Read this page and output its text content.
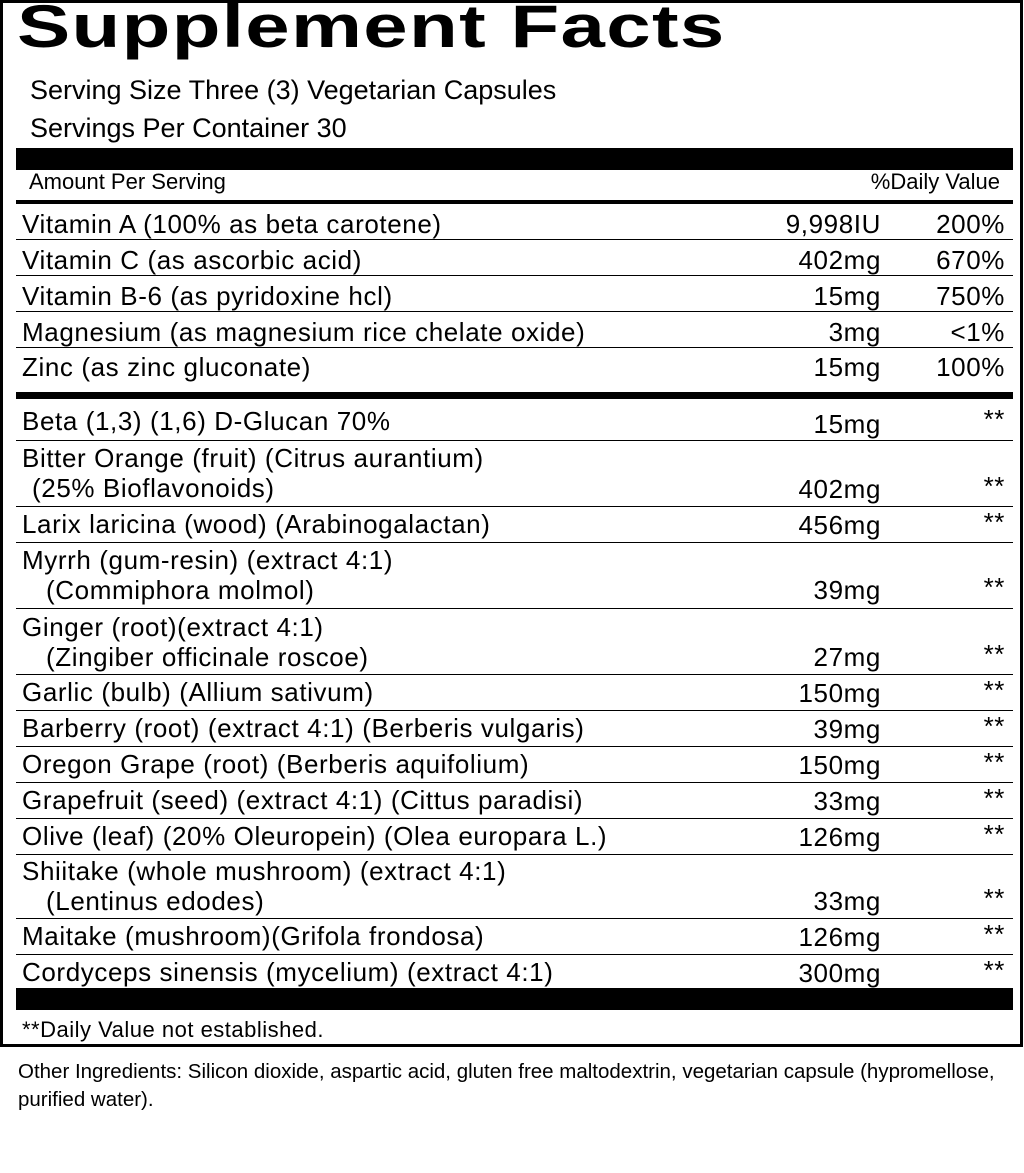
Supplement Facts
Serving Size Three (3) Vegetarian Capsules
Servings Per Container 30
Amount Per Serving	%Daily Value
Vitamin A (100% as beta carotene)	9,998IU 200%
Vitamin C (as ascorbic acid)	402mg 670%
Vitamin B-6 (as pyridoxine hcl)	15mg 750%
Magnesium (as magnesium rice chelate oxide)	3mg	<1%
Zinc (as zinc gluconate)	15mg 100%
Beta (1,3) (1,6) D-Glucan 70%	15mg	**
Bitter Orange (fruit) (Citrus aurantium)
(25% Bioflavonoids)	402mg	**
Larix laricina (wood) (Arabinogalactan)	456mg	**
Myrrh (gum-resin) (extract 4:1)
(Commiphora molmol)	39mg	**
Ginger (root)(extract 4:1)
(Zingiber officinale roscoe)	27mg	**
Garlic (bulb) (Allium sativum)	150mg	**
Barberry (root) (extract 4:1) (Berberis vulgaris)	39mg	**
Oregon Grape (root) (Berberis aquifolium)	150mg	**
Grapefruit (seed) (extract 4:1) (Cittus paradisi)	33mg	**
Olive (leaf) (20% Oleuropein) (Olea europara L.)	126mg	**
Shiitake (whole mushroom) (extract 4:1)
(Lentinus edodes)	33mg	**
Maitake (mushroom)(Grifola frondosa)	126mg	**
Cordyceps sinensis (mycelium) (extract 4:1)	300mg	**
**Daily Value not established.
Other Ingredients: Silicon dioxide, aspartic acid, gluten free maltodextrin, vegetarian capsule (hypromellose, purified water).
